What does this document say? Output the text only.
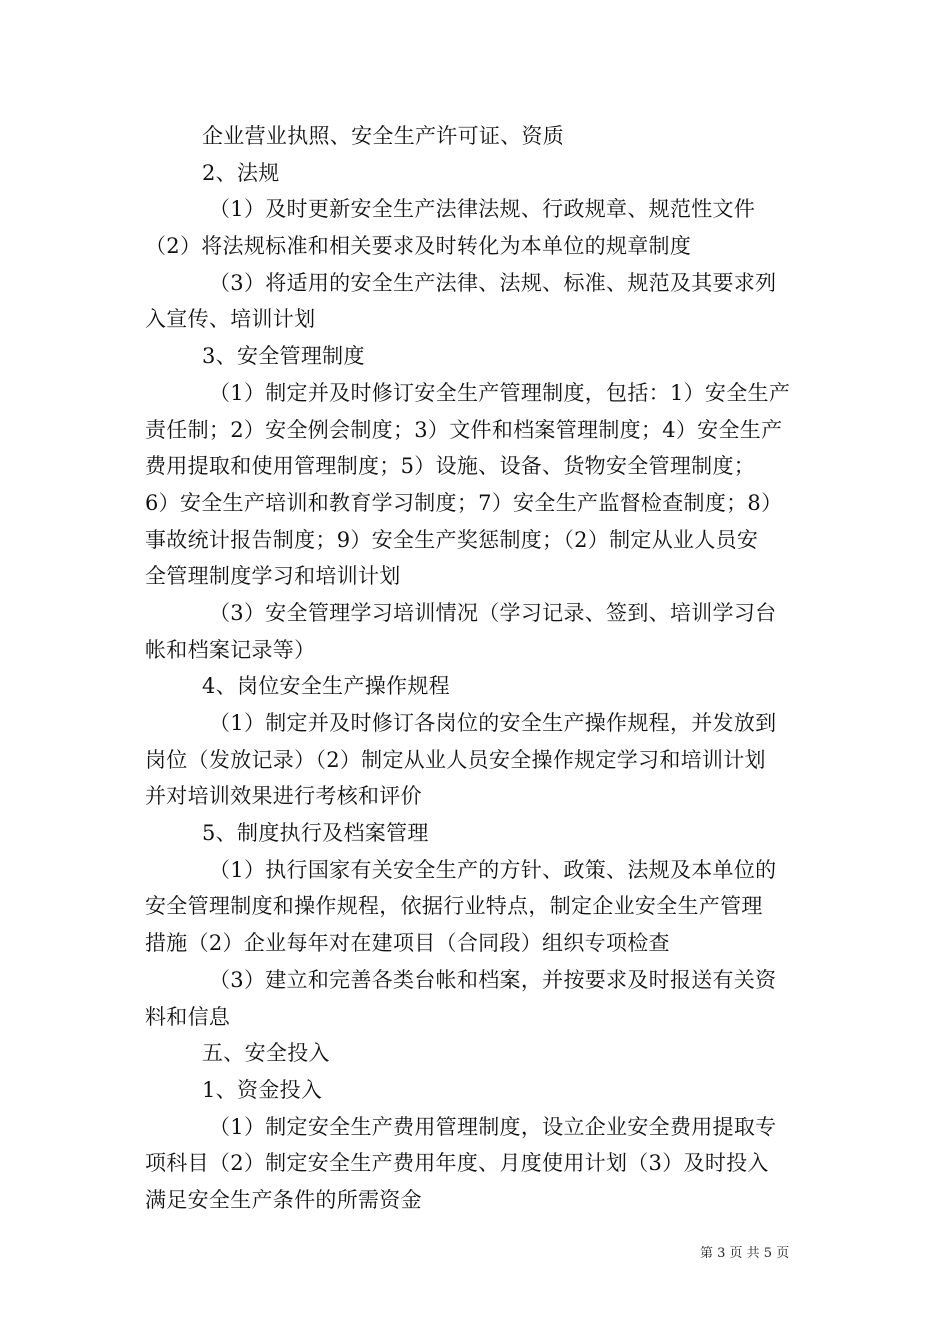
企业营业执照、安全生产许可证、资质
2、法规
（1）及时更新安全生产法律法规、行政规章、规范性文件
（2）将法规标准和相关要求及时转化为本单位的规章制度
（3）将适用的安全生产法律、法规、标准、规范及其要求列
入宣传、培训计划
3、安全管理制度
（1）制定并及时修订安全生产管理制度，包括：1）安全生产
责任制；2）安全例会制度；3）文件和档案管理制度；4）安全生产
费用提取和使用管理制度；5）设施、设备、货物安全管理制度；
6）安全生产培训和教育学习制度；7）安全生产监督检查制度；8）
事故统计报告制度；9）安全生产奖惩制度；（2）制定从业人员安
全管理制度学习和培训计划
（3）安全管理学习培训情况（学习记录、签到、培训学习台
帐和档案记录等）
4、岗位安全生产操作规程
（1）制定并及时修订各岗位的安全生产操作规程，并发放到
岗位（发放记录）（2）制定从业人员安全操作规定学习和培训计划
并对培训效果进行考核和评价
5、制度执行及档案管理
（1）执行国家有关安全生产的方针、政策、法规及本单位的
安全管理制度和操作规程，依据行业特点，制定企业安全生产管理
措施（2）企业每年对在建项目（合同段）组织专项检查
（3）建立和完善各类台帐和档案，并按要求及时报送有关资
料和信息
五、安全投入
1、资金投入
（1）制定安全生产费用管理制度，设立企业安全费用提取专
项科目（2）制定安全生产费用年度、月度使用计划（3）及时投入
满足安全生产条件的所需资金
第 3 页 共 5 页
